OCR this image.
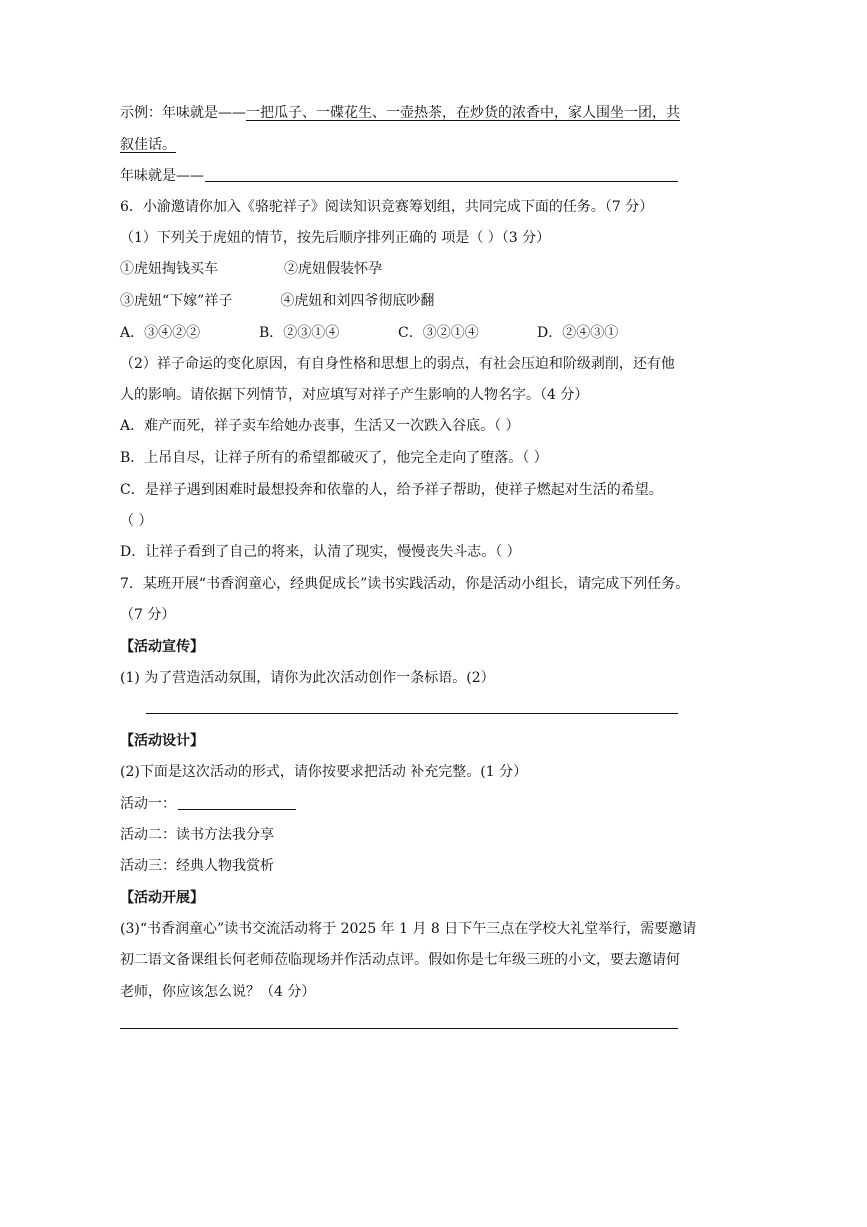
示例：年味就是——一把瓜子、一碟花生、一壶热茶，在炒货的浓香中，家人围坐一团，共
叙佳话。
年味就是——
6．小渝邀请你加入《骆驼祥子》阅读知识竞赛筹划组，共同完成下面的任务。（7 分）
（1）下列关于虎妞的情节，按先后顺序排列正确的 项是（ ）（3 分）
①虎妞掏钱买车	②虎妞假装怀孕
③虎妞“下嫁”祥子	④虎妞和刘四爷彻底吵翻
A．③④②②	B．②③①④	C．③②①④	D．②④③①
（2）祥子命运的变化原因，有自身性格和思想上的弱点，有社会压迫和阶级剥削，还有他
人的影响。请依据下列情节，对应填写对祥子产生影响的人物名字。（4 分）
A．难产而死，祥子卖车给她办丧事，生活又一次跌入谷底。（ ）
B．上吊自尽，让祥子所有的希望都破灭了，他完全走向了堕落。（ ）
C．是祥子遇到困难时最想投奔和依靠的人，给予祥子帮助，使祥子燃起对生活的希望。
（ ）
D．让祥子看到了自己的将来，认清了现实，慢慢丧失斗志。（ ）
7．某班开展“书香润童心，经典促成长”读书实践活动，你是活动小组长，请完成下列任务。
（7 分）
【活动宣传】
(1) 为了营造活动氛围，请你为此次活动创作一条标语。(2）
【活动设计】
(2)下面是这次活动的形式，请你按要求把活动 补充完整。(1 分）
活动一：
活动二：读书方法我分享
活动三：经典人物我赏析
【活动开展】
(3)“书香润童心”读书交流活动将于 2025 年 1 月 8 日下午三点在学校大礼堂举行，需要邀请
初二语文备课组长何老师莅临现场并作活动点评。假如你是七年级三班的小文，要去邀请何
老师，你应该怎么说？（4 分）
